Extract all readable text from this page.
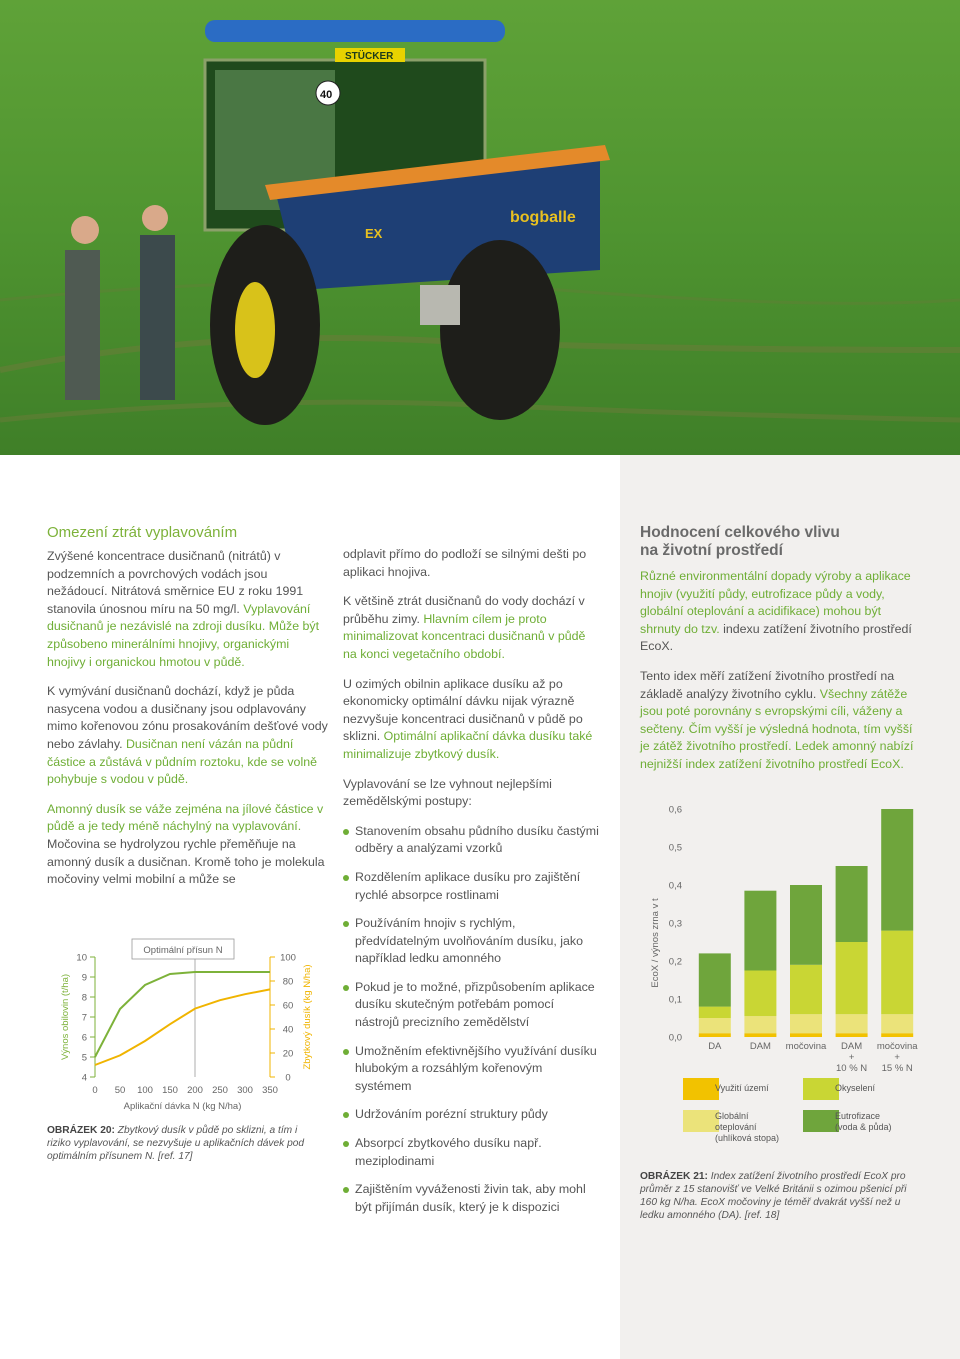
STÜCKER
40
bogballe
EX
Omezení ztrát vyplavováním

Zvýšené koncentrace dusičnanů (nitrátů) v podzemních a povrchových vodách jsou nežádoucí. Nitrátová směrnice EU z roku 1991 stanovila únosnou míru na 50 mg/l. Vyplavování dusičnanů je nezávislé na zdroji dusíku. Může být způsobeno minerálními hnojivy, organickými hnojivy i organickou hmotou v půdě.

K vymývání dusičnanů dochází, když je půda nasycena vodou a dusičnany jsou odplavovány mimo kořenovou zónu prosakováním dešťové vody nebo závlahy. Dusičnan není vázán na půdní částice a zůstává v půdním roztoku, kde se volně pohybuje s vodou v půdě.

Amonný dusík se váže zejména na jílové částice v půdě a je tedy méně náchylný na vyplavování. Močovina se hydrolyzou rychle přeměňuje na amonný dusík a dusičnan. Kromě toho je molekula močoviny velmi mobilní a může se

4
5
6
7
8
9
10
0
20
40
60
80
100
0 50 100 150 200 250 300 350
Aplikační dávka N (kg N/ha)
Výnos obilovin (t/ha)	Zbytkový dusík (kg N/ha)
Optimální přísun N
OBRÁZEK 20: Zbytkový dusík v půdě po sklizni, a tím i riziko vyplavování, se nezvyšuje u aplikačních dávek pod optimálním přísunem N. [ref. 17]

odplavit přímo do podloží se silnými dešti po aplikaci hnojiva.

K většině ztrát dusičnanů do vody dochází v průběhu zimy. Hlavním cílem je proto minimalizovat koncentraci dusičnanů v půdě na konci vegetačního období.

U ozimých obilnin aplikace dusíku až po ekonomicky optimální dávku nijak výrazně nezvyšuje koncentraci dusičnanů v půdě po sklizni. Optimální aplikační dávka dusíku také minimalizuje zbytkový dusík.

Vyplavování se lze vyhnout nejlepšími zemědělskými postupy:

Stanovením obsahu půdního dusíku častými odběry a analýzami vzorků
Rozdělením aplikace dusíku pro zajištění rychlé absorpce rostlinami
Používáním hnojiv s rychlým, předvídatelným uvolňováním dusíku, jako například ledku amonného
Pokud je to možné, přizpůsobením aplikace dusíku skutečným potřebám pomocí nástrojů precizního zemědělství
Umožněním efektivnějšího využívání dusíku hlubokým a rozsáhlým kořenovým systémem
Udržováním porézní struktury půdy
Absorpcí zbytkového dusíku např. meziplodinami
Zajištěním vyváženosti živin tak, aby mohl být přijímán dusík, který je k dispozici
Hodnocení celkového vlivu
na životní prostředí

Různé environmentální dopady výroby a aplikace hnojiv (využití půdy, eutrofizace půdy a vody, globální oteplování a acidifikace) mohou být shrnuty do tzv. indexu zatížení životního prostředí EcoX.

Tento idex měří zatížení životního prostředí na základě analýzy životního cyklu. Všechny zátěže jsou poté porovnány s evropskými cíli, váženy a sečteny. Čím vyšší je výsledná hodnota, tím vyšší je zátěž životního prostředí. Ledek amonný nabízí nejnižší index zatížení životního prostředí EcoX.

0,0
0,1
0,2
0,3
0,4
0,5
0,6
EcoX / výnos zrna v t
DA	DAM močovina DAM
+
10 % N
močovina
+
15 % N
Využití území	Okyselení
Globální
oteplování
(uhlíková stopa)
Eutrofizace
(voda & půda)
OBRÁZEK 21: Index zatížení životního prostředí EcoX pro průměr z 15 stanovišť ve Velké Británii s ozimou pšenicí při 160 kg N/ha. EcoX močoviny je téměř dvakrát vyšší než u ledku amonného (DA). [ref. 18]
